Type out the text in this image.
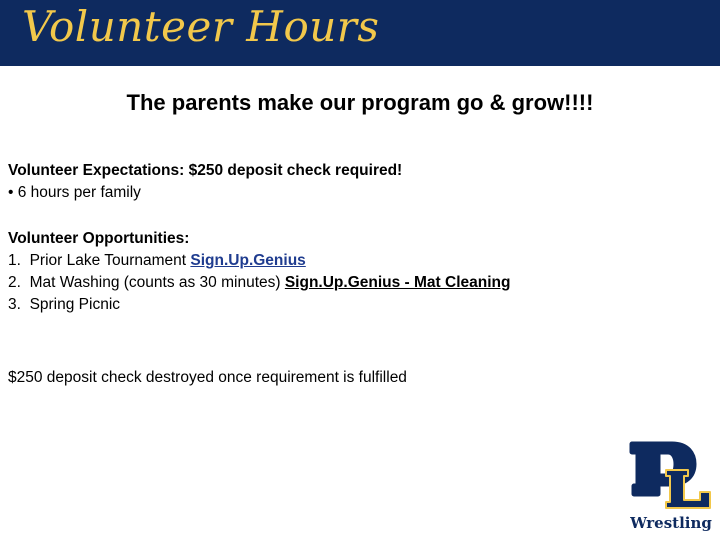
Volunteer Hours
The parents make our program go & grow!!!!
Volunteer Expectations: $250 deposit check required!
• 6 hours per family
Volunteer Opportunities:
1. Prior Lake Tournament Sign.Up.Genius
2. Mat Washing (counts as 30 minutes) Sign.Up.Genius - Mat Cleaning
3. Spring Picnic
$250 deposit check destroyed once requirement is fulfilled
Wrestling
